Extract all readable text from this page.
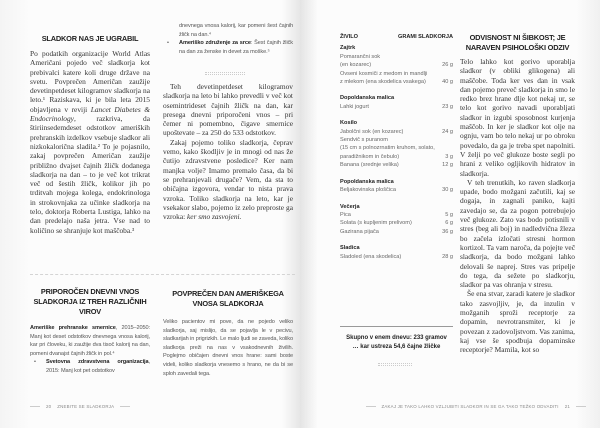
SLADKOR NAS JE UGRABIL

Po podatkih organizacije World Atlas Američani pojedo več sladkorja kot prebivalci katere koli druge države na svetu. Povprečen Američan zaužije devetinpetdeset kilogramov sladkorja na leto.¹ Raziskava, ki je bila leta 2015 objavljena v reviji Lancet Diabetes & Endocrinology, razkriva, da štiriinsedemdeset odstotkov ameriških prehranskih izdelkov vsebuje sladkor ali nizkokalorična sladila.² To je pojasnilo, zakaj povprečen Američan zaužije približno dvajset čajnih žličk dodanega sladkorja na dan – to je več kot trikrat več od šestih žličk, kolikor jih po trditvah mojega kolega, endokrinologa in strokovnjaka za učinke sladkorja na telo, doktorja Roberta Lustiga, lahko na dan predelajo naša jetra. Vse nad to količino se shranjuje kot maščoba.³

dnevnega vnosa kalorij, kar pomeni šest čajnih žličk na dan.⁴
•	Ameriško združenje za srce: Šest čajnih žličk na dan za ženske in devet za moške.⁵

Teh devetinpetdeset kilogramov sladkorja na leto bi lahko prevedli v več kot osemintrideset čajnih žličk na dan, kar presega dnevni priporočeni vnos – pri čemer ni pomembno, čigave smernice upoštevate – za 250 do 533 odstotkov.

Zakaj pojemo toliko sladkorja, čeprav vemo, kako škodljiv je in mnogi od nas že čutijo zdravstvene posledice? Ker nam manjka volje? Imamo premalo časa, da bi se prehranjevali drugače? Vem, da sta to običajna izgovora, vendar to nista prava vzroka. Toliko sladkorja na leto, kar je vsekakor slabo, pojemo iz zelo preproste ga vzroka: ker smo zasvojeni.

PRIPOROČEN DNEVNI VNOS SLADKORJA IZ TREH RAZLIČNIH VIROV
Ameriške prehranske smernice, 2015–2050: Manj kot deset odstotkov dnevnega vnosa kalorij, kar pri človeku, ki zaužije dva tisoč kalorij na dan, pomeni dvanajst čajnih žličk in pol.⁴
•	Svetovna zdravstvena organizacija, 2015: Manj kot pet odstotkov
POVPREČEN DAN AMERIŠKEGA VNOSA SLADKORJA
Veliko pacientov mi pove, da ne pojedo veliko sladkorja, saj mislijo, da se pojavlja le v pecivu, sladkarijah in prigrizkih. Le malo ljudi se zaveda, koliko sladkorja preži na nas v vsakodnevnih živilih. Poglejmo običajen dnevni vnos hrane: sami boste videli, koliko sladkorja vnesemo s hrano, ne da bi se sploh zavedali tega.
20 ZNEBITE SE SLADKORJA
ŽIVILO	GRAMI SLADKORJA
Zajtrk
Pomarančni sok
(en kozarec)	26 g
Ovseni kosmiči z medom in mandlji
z mlekom (ena skodelica vsakega)	40 g
Dopoldanska malica
Lahki jogurt	23 g
Kosilo
Jabolčni sok (en kozarec)	24 g
Sendvič s puranom
(15 cm s polnozrnatim kruhom, solato,
paradižnikom in čebulo)	3 g
Banana (srednje velika)	12 g
Popoldanska malica
Beljakovinska ploščica	30 g
Večerja
Pica	5 g
Solata (s kupljenim prelivom)	6 g
Gazirana pijača	36 g
Sladica
Sladoled (ena skodelica)	28 g
Skupno v enem dnevu: 233 gramov
… kar ustreza 54,6 čajne žličke
ODVISNOST NI ŠIBKOST; JE NARAVEN PSIHOLOŠKI ODZIV

Telo lahko kot gorivo uporablja sladkor (v obliki glikogena) ali maščobe. Toda ker ves dan in vsak dan pojemo preveč sladkorja in smo le redko brez hrane dlje kot nekaj ur, se telo kot gorivo navadi uporabljati sladkor in izgubi sposobnost kurjenja maščob. In ker je sladkor kot olje na ognju, vam bo telo nekaj ur po obroku povedalo, da ga je treba spet napolniti. V želji po več glukoze boste segli po hrani z veliko ogljikovih hidratov in sladkorja.

V teh trenutkih, ko raven sladkorja upade, bodo možgani začutili, kaj se dogaja, in zagnali paniko, kajti zavedajo se, da za pogon potrebujejo več glukoze. Zato vas bodo potisnili v stres (beg ali boj) in nadledvična žleza bo začela izločati stresni hormon kortizol. Ta vam naroča, da pojejte več sladkorja, da bodo možgani lahko delovali še naprej. Stres vas pripelje do tega, da sežete po sladkorju, sladkor pa vas ohranja v stresu.

Še ena stvar, zaradi katere je sladkor tako zasvojljiv, je, da inzulin v možganih sproži receptorje za dopamin, nevrotransmiter, ki je povezan z zadovoljstvom. Vas zanima, kaj vse še spodbuja dopaminske receptorje? Mamila, kot so

ZAKAJ JE TAKO LAHKO VZLJUBITI SLADKOR IN SE GA TAKO TEŽKO ODVADITI 21
